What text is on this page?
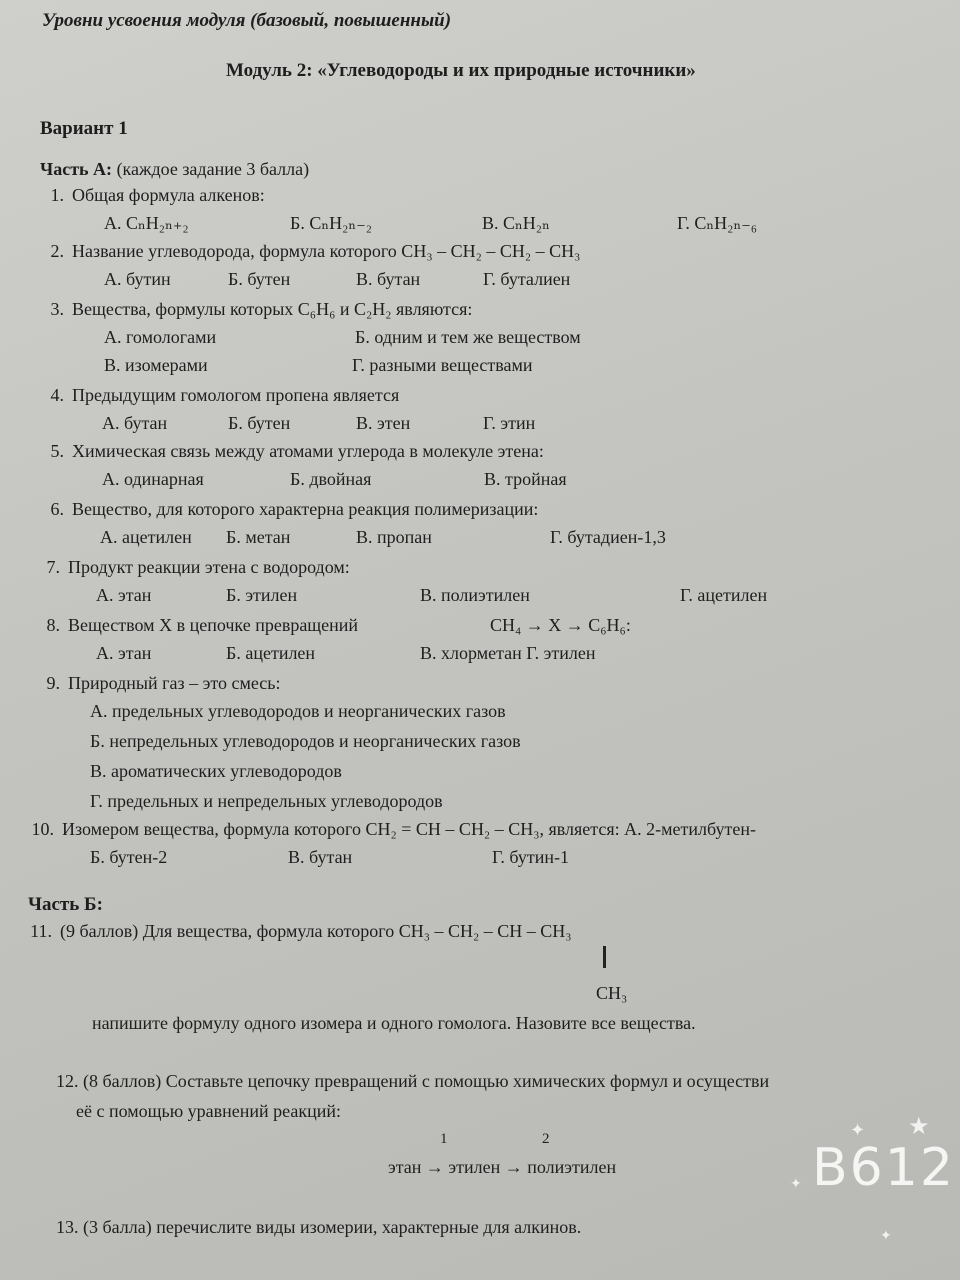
Уровни усвоения модуля (базовый, повышенный)
Модуль 2: «Углеводороды и их природные источники»
Вариант 1
Часть А: (каждое задание 3 балла)
1. Общая формула алкенов:
А. CₙH₂ₙ₊₂	Б. CₙH₂ₙ₋₂	В. CₙH₂ₙ	Г. CₙH₂ₙ₋₆
2. Название углеводорода, формула которого CH₃ – CH₂ – CH₂ – CH₃
А. бутин	Б. бутен	В. бутан	Г. буталиен
3. Вещества, формулы которых C₆H₆ и C₂H₂ являются:
А. гомологами	Б. одним и тем же веществом
В. изомерами	Г. разными веществами
4. Предыдущим гомологом пропена является
А. бутан	Б. бутен	В. этен	Г. этин
5. Химическая связь между атомами углерода в молекуле этена:
А. одинарная	Б. двойная	В. тройная
6. Вещество, для которого характерна реакция полимеризации:
А. ацетилен Б. метан	В. пропан	Г. бутадиен-1,3
7. Продукт реакции этена с водородом:
А. этан	Б. этилен	В. полиэтилен	Г. ацетилен
8. Веществом Х в цепочке превращений	CH₄ → X → C₆H₆:
А. этан	Б. ацетилен	В. хлорметан Г. этилен
9. Природный газ – это смесь:
А. предельных углеводородов и неорганических газов
Б. непредельных углеводородов и неорганических газов
В. ароматических углеводородов
Г. предельных и непредельных углеводородов
10. Изомером вещества, формула которого CH₂ = CH – CH₂ – CH₃, является: А. 2-метилбутен-
Б. бутен-2	В. бутан	Г. бутин-1
Часть Б:
11. (9 баллов) Для вещества, формула которого CH₃ – CH₂ – CH – CH₃
CH₃
напишите формулу одного изомера и одного гомолога. Назовите все вещества.
12. (8 баллов) Составьте цепочку превращений с помощью химических формул и осуществи
её с помощью уравнений реакций:
1	2
этан → этилен → полиэтилен
13. (3 балла) перечислите виды изомерии, характерные для алкинов.
✦ ★
✦
✦
B612
